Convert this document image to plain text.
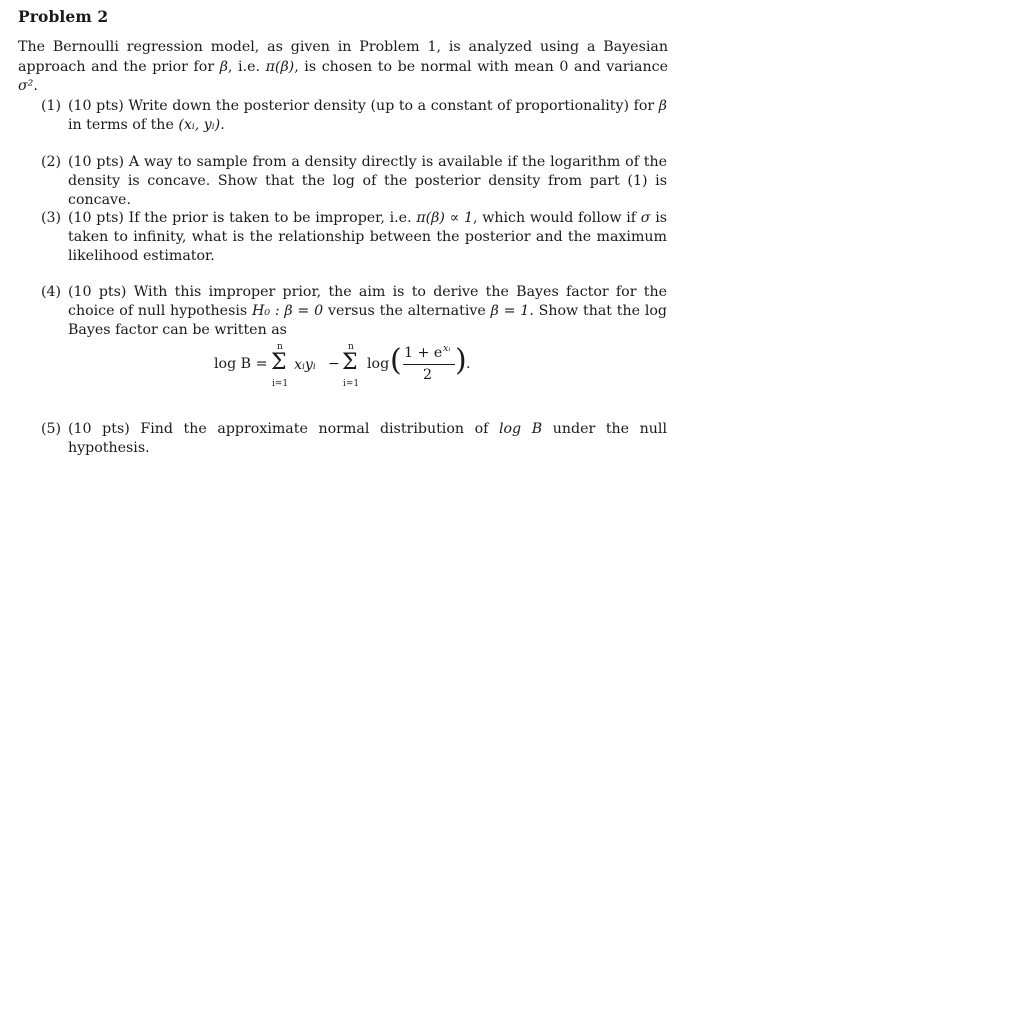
Problem 2
The Bernoulli regression model, as given in Problem 1, is analyzed using a Bayesian approach and the prior for β, i.e. π(β), is chosen to be normal with mean 0 and variance σ².
(1) (10 pts) Write down the posterior density (up to a constant of proportionality) for β in terms of the (xᵢ, yᵢ).
(2) (10 pts) A way to sample from a density directly is available if the logarithm of the density is concave. Show that the log of the posterior density from part (1) is concave.
(3) (10 pts) If the prior is taken to be improper, i.e. π(β) ∝ 1, which would follow if σ is taken to infinity, what is the relationship between the posterior and the maximum likelihood estimator.
(4) (10 pts) With this improper prior, the aim is to derive the Bayes factor for the choice of null hypothesis H₀ : β = 0 versus the alternative β = 1. Show that the log Bayes factor can be written as
log B =
n
Σ
i=1
xᵢyᵢ −
n
Σ
i=1
log ( 1 + e xᵢ
2 ) .
(5) (10 pts) Find the approximate normal distribution of log B under the null hypothesis.
